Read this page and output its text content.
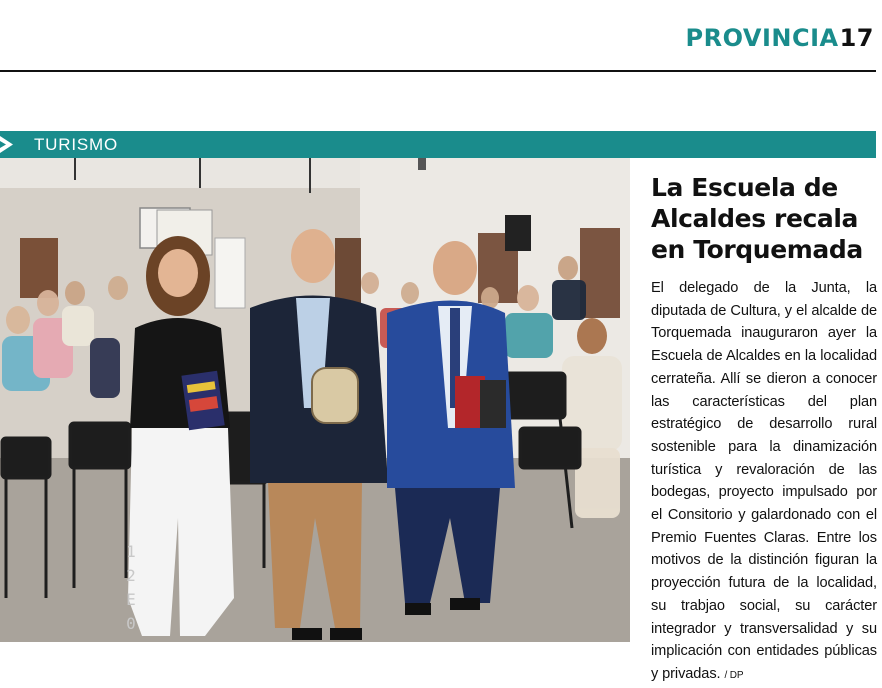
PROVINCIA17
TURISMO
1
2
E
0
La Escuela de
Alcaldes recala
en Torquemada
El delegado de la Junta, la diputada de Cultura, y el alcalde de Torquemada inauguraron ayer la Escuela de Alcaldes en la localidad cerrateña. Allí se dieron a conocer las características del plan estratégico de desarrollo rural sostenible para la dinamización turística y revaloración de las bodegas, proyecto impulsado por el Consitorio y galardonado con el Premio Fuentes Claras. Entre los motivos de la distinción figuran la proyección futura de la localidad, su trabjao social, su carácter integrador y transversalidad y su implicación con entidades públicas y privadas. / DP
